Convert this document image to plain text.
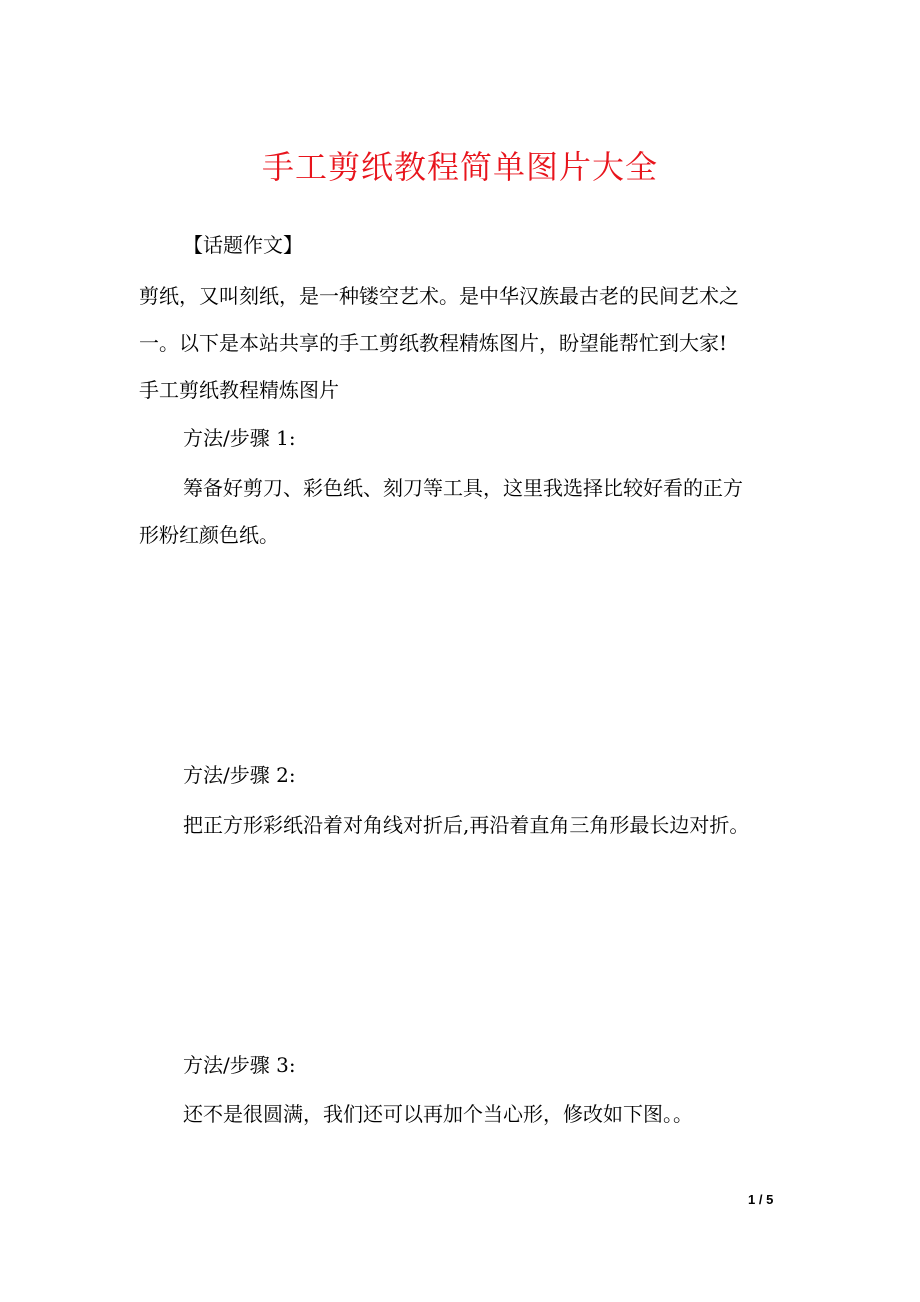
手工剪纸教程简单图片大全

【话题作文】

剪纸，又叫刻纸，是一种镂空艺术。是中华汉族最古老的民间艺术之

一。以下是本站共享的手工剪纸教程精炼图片，盼望能帮忙到大家!

手工剪纸教程精炼图片

方法/步骤 1:

筹备好剪刀、彩色纸、刻刀等工具，这里我选择比较好看的正方

形粉红颜色纸。

方法/步骤 2:

把正方形彩纸沿着对角线对折后,再沿着直角三角形最长边对折。

方法/步骤 3:

还不是很圆满，我们还可以再加个当心形，修改如下图。。

1 / 5
